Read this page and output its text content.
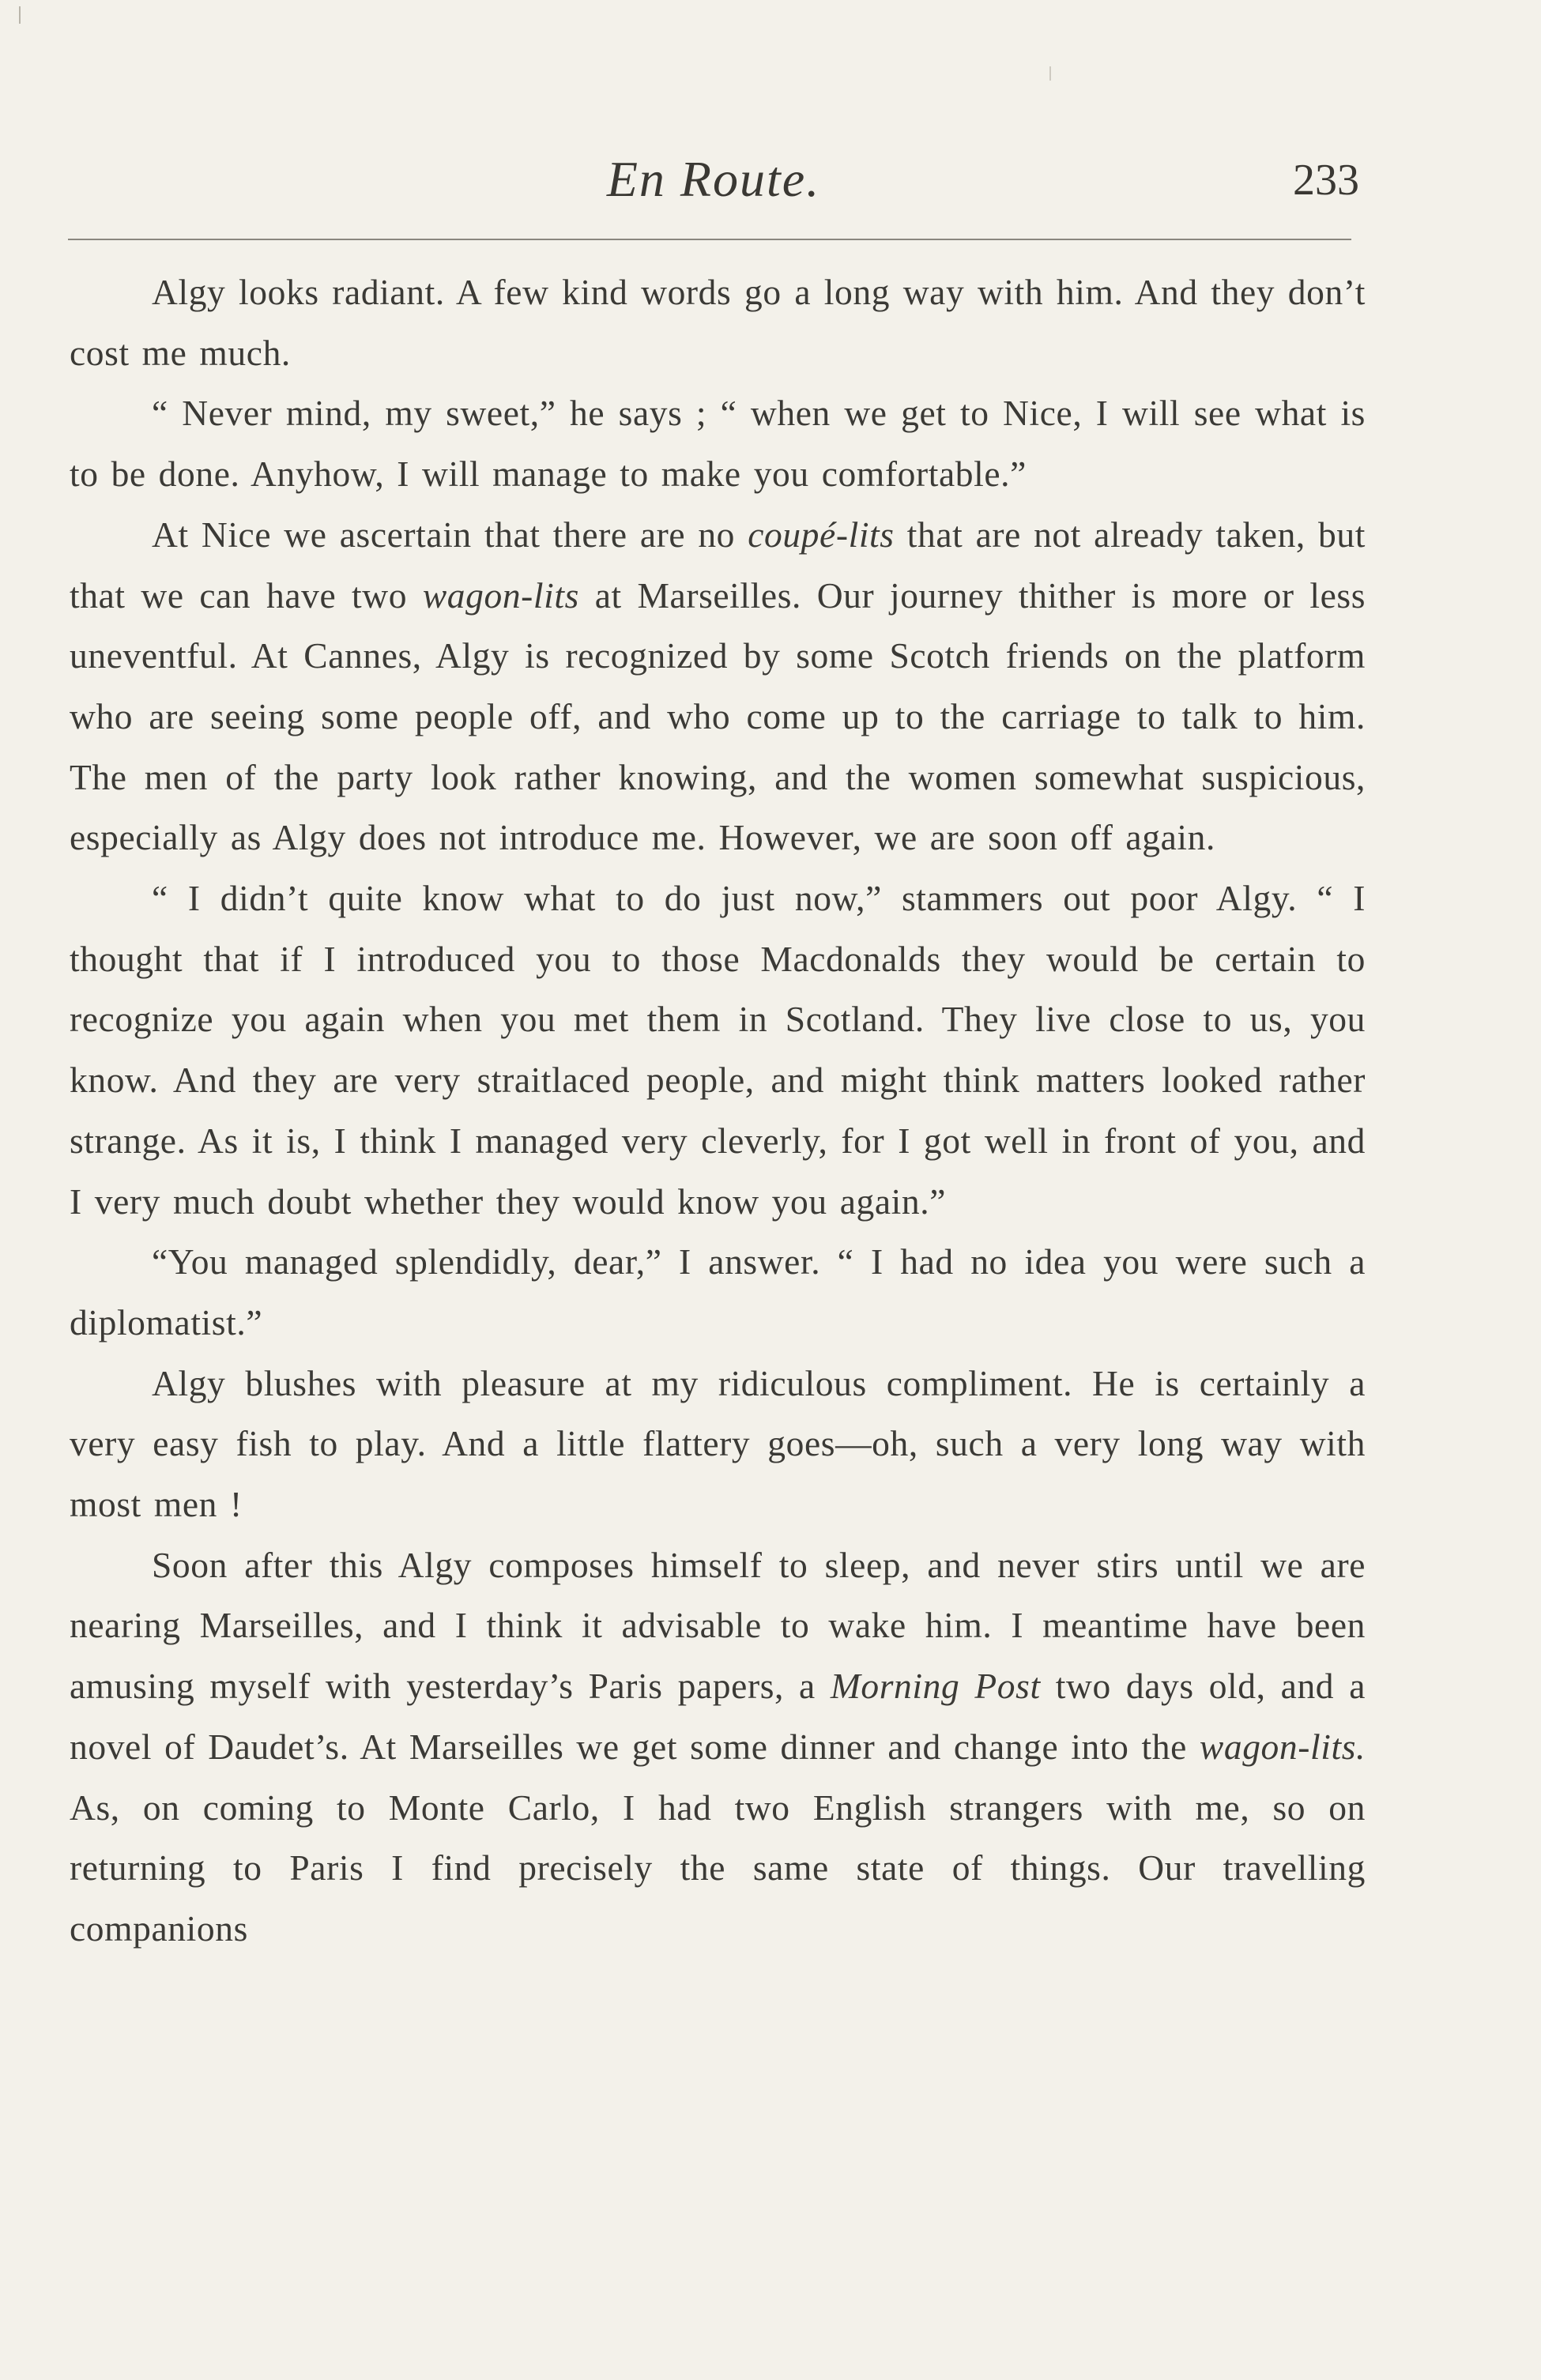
En Route.	233

Algy looks radiant. A few kind words go a long way with him. And they don’t cost me much.

“ Never mind, my sweet,” he says ; “ when we get to Nice, I will see what is to be done. Anyhow, I will manage to make you comfortable.”

At Nice we ascertain that there are no coupé-lits that are not already taken, but that we can have two wagon-lits at Marseilles. Our journey thither is more or less uneventful. At Cannes, Algy is recognized by some Scotch friends on the platform who are seeing some people off, and who come up to the carriage to talk to him. The men of the party look rather knowing, and the women somewhat suspicious, especially as Algy does not introduce me. However, we are soon off again.

“ I didn’t quite know what to do just now,” stammers out poor Algy. “ I thought that if I introduced you to those Macdonalds they would be certain to recognize you again when you met them in Scotland. They live close to us, you know. And they are very straitlaced people, and might think matters looked rather strange. As it is, I think I managed very cleverly, for I got well in front of you, and I very much doubt whether they would know you again.”

“You managed splendidly, dear,” I answer. “ I had no idea you were such a diplomatist.”

Algy blushes with pleasure at my ridiculous compliment. He is certainly a very easy fish to play. And a little flattery goes—oh, such a very long way with most men !

Soon after this Algy composes himself to sleep, and never stirs until we are nearing Marseilles, and I think it advisable to wake him. I meantime have been amusing myself with yesterday’s Paris papers, a Morning Post two days old, and a novel of Daudet’s. At Marseilles we get some dinner and change into the wagon-lits. As, on coming to Monte Carlo, I had two English strangers with me, so on returning to Paris I find precisely the same state of things. Our travelling companions
